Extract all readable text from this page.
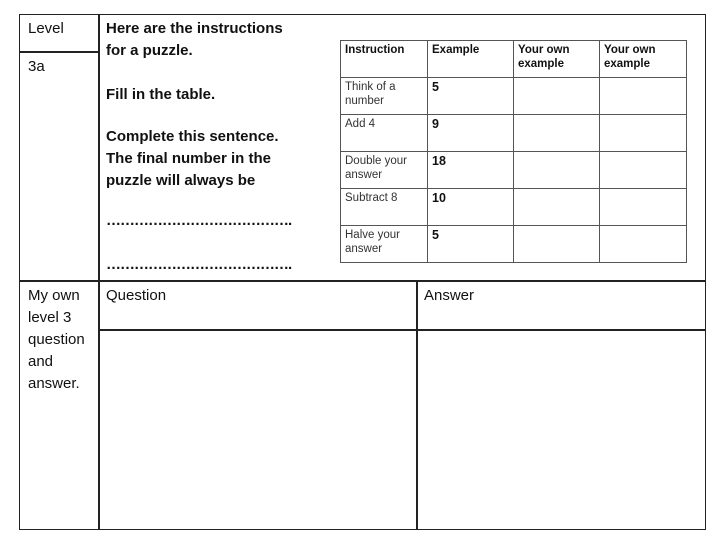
Level
3a
Here are the instructions for a puzzle.
Fill in the table.
Complete this sentence. The final number in the puzzle will always be
………………………………….
………………………………….
Instruction	Example	Your own example	Your own example
Think of a number	5		
Add 4	9		
Double your answer	18		
Subtract 8	10		
Halve your answer	5		
My own level 3 question and answer.
Question	Answer
